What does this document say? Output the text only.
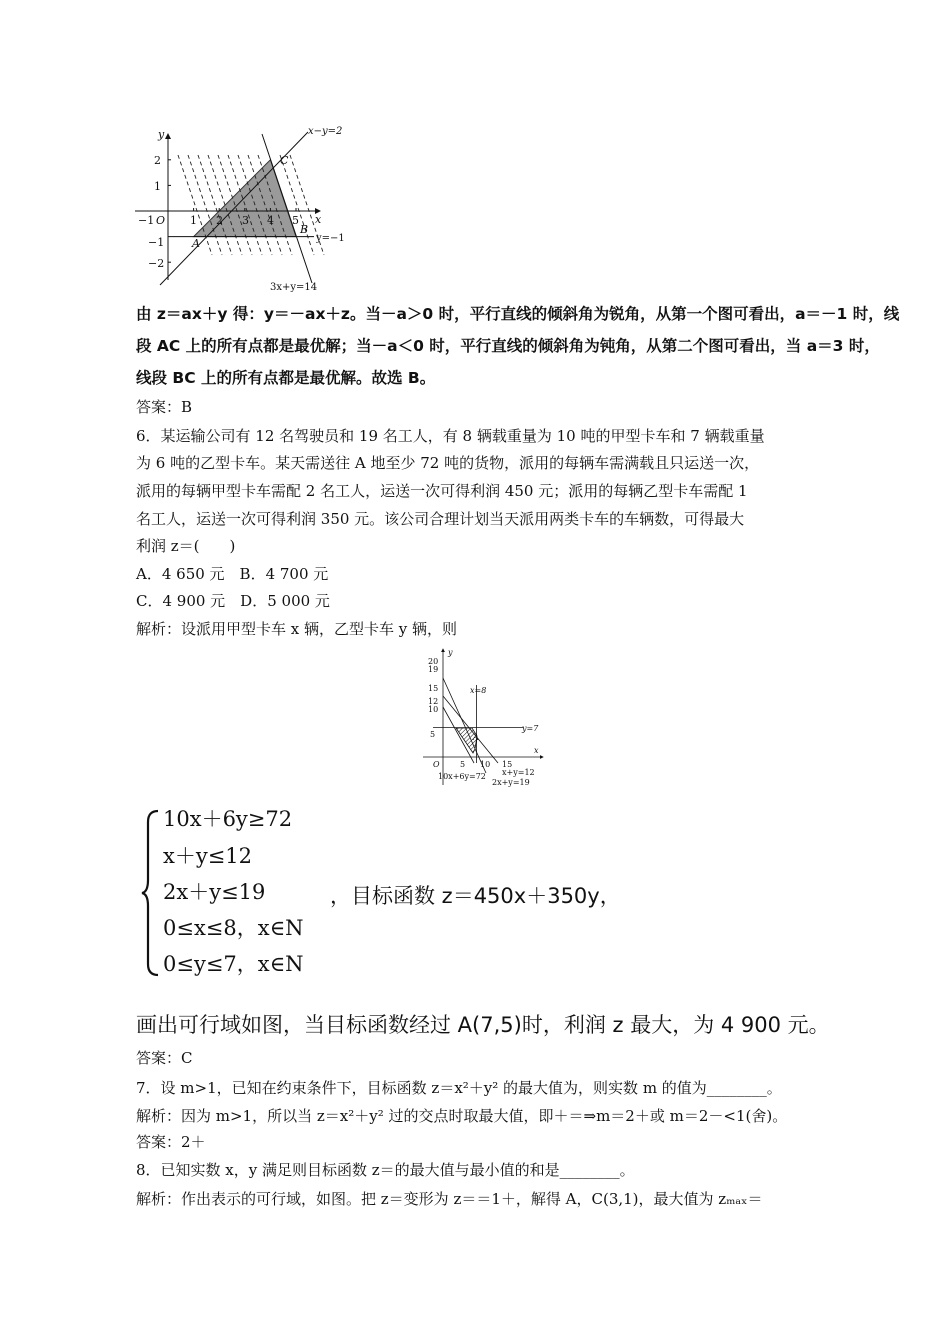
y
x
O
−1	1 2 3 4 5
2
1
−1
−2
x−y=2
y=−1
3x+y=14
A
B
C
由 z＝ax＋y 得：y＝－ax＋z。当－a＞0 时，平行直线的倾斜角为锐角，从第一个图可看出，a＝－1 时，线
段 AC 上的所有点都是最优解；当－a＜0 时，平行直线的倾斜角为钝角，从第二个图可看出，当 a＝3 时，
线段 BC 上的所有点都是最优解。故选 B。
答案：B
6．某运输公司有 12 名驾驶员和 19 名工人，有 8 辆载重量为 10 吨的甲型卡车和 7 辆载重量
为 6 吨的乙型卡车。某天需送往 A 地至少 72 吨的货物，派用的每辆车需满载且只运送一次，
派用的每辆甲型卡车需配 2 名工人，运送一次可得利润 450 元；派用的每辆乙型卡车需配 1
名工人，运送一次可得利润 350 元。该公司合理计划当天派用两类卡车的车辆数，可得最大
利润 z＝(　　)
A．4 650 元　B．4 700 元
C．4 900 元　D．5 000 元
解析：设派用甲型卡车 x 辆，乙型卡车 y 辆，则
y
x
O
20
19
15
12
10
5
5 10 15
x=8
y=7
A
10x+6y=72 x+y=12
2x+y=19
10x＋6y≥72
x＋y≤12
2x＋y≤19
0≤x≤8，x∈N
0≤y≤7，x∈N
，目标函数 z＝450x＋350y，
画出可行域如图，当目标函数经过 A(7,5)时，利润 z 最大，为 4 900 元。
答案：C
7．设 m>1，已知在约束条件下，目标函数 z＝x²＋y² 的最大值为，则实数 m 的值为________。
解析：因为 m>1，所以当 z＝x²＋y² 过的交点时取最大值，即＋＝⇒m＝2＋或 m＝2－<1(舍)。
答案：2＋
8．已知实数 x，y 满足则目标函数 z＝的最大值与最小值的和是________。
解析：作出表示的可行域，如图。把 z＝变形为 z＝＝1＋，解得 A，C(3,1)，最大值为 zₘₐₓ＝
